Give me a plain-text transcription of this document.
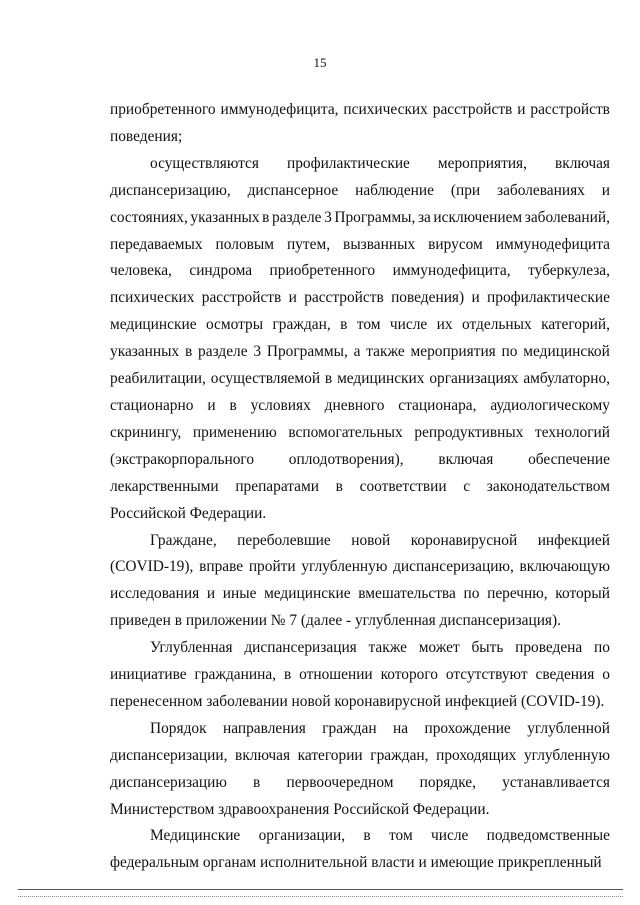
15
приобретенного иммунодефицита, психических расстройств и расстройств
поведения;
осуществляются профилактические мероприятия, включая
диспансеризацию, диспансерное наблюдение (при заболеваниях и
состояниях, указанных в разделе 3 Программы, за исключением заболеваний,
передаваемых половым путем, вызванных вирусом иммунодефицита
человека, синдрома приобретенного иммунодефицита, туберкулеза,
психических расстройств и расстройств поведения) и профилактические
медицинские осмотры граждан, в том числе их отдельных категорий,
указанных в разделе 3 Программы, а также мероприятия по медицинской
реабилитации, осуществляемой в медицинских организациях амбулаторно,
стационарно и в условиях дневного стационара, аудиологическому
скринингу, применению вспомогательных репродуктивных технологий
(экстракорпорального оплодотворения), включая обеспечение
лекарственными препаратами в соответствии с законодательством
Российской Федерации.
Граждане, переболевшие новой коронавирусной инфекцией
(COVID-19), вправе пройти углубленную диспансеризацию, включающую
исследования и иные медицинские вмешательства по перечню, который
приведен в приложении № 7 (далее - углубленная диспансеризация).
Углубленная диспансеризация также может быть проведена по
инициативе гражданина, в отношении которого отсутствуют сведения о
перенесенном заболевании новой коронавирусной инфекцией (COVID-19).
Порядок направления граждан на прохождение углубленной
диспансеризации, включая категории граждан, проходящих углубленную
диспансеризацию в первоочередном порядке, устанавливается
Министерством здравоохранения Российской Федерации.
Медицинские организации, в том числе подведомственные
федеральным органам исполнительной власти и имеющие прикрепленный
